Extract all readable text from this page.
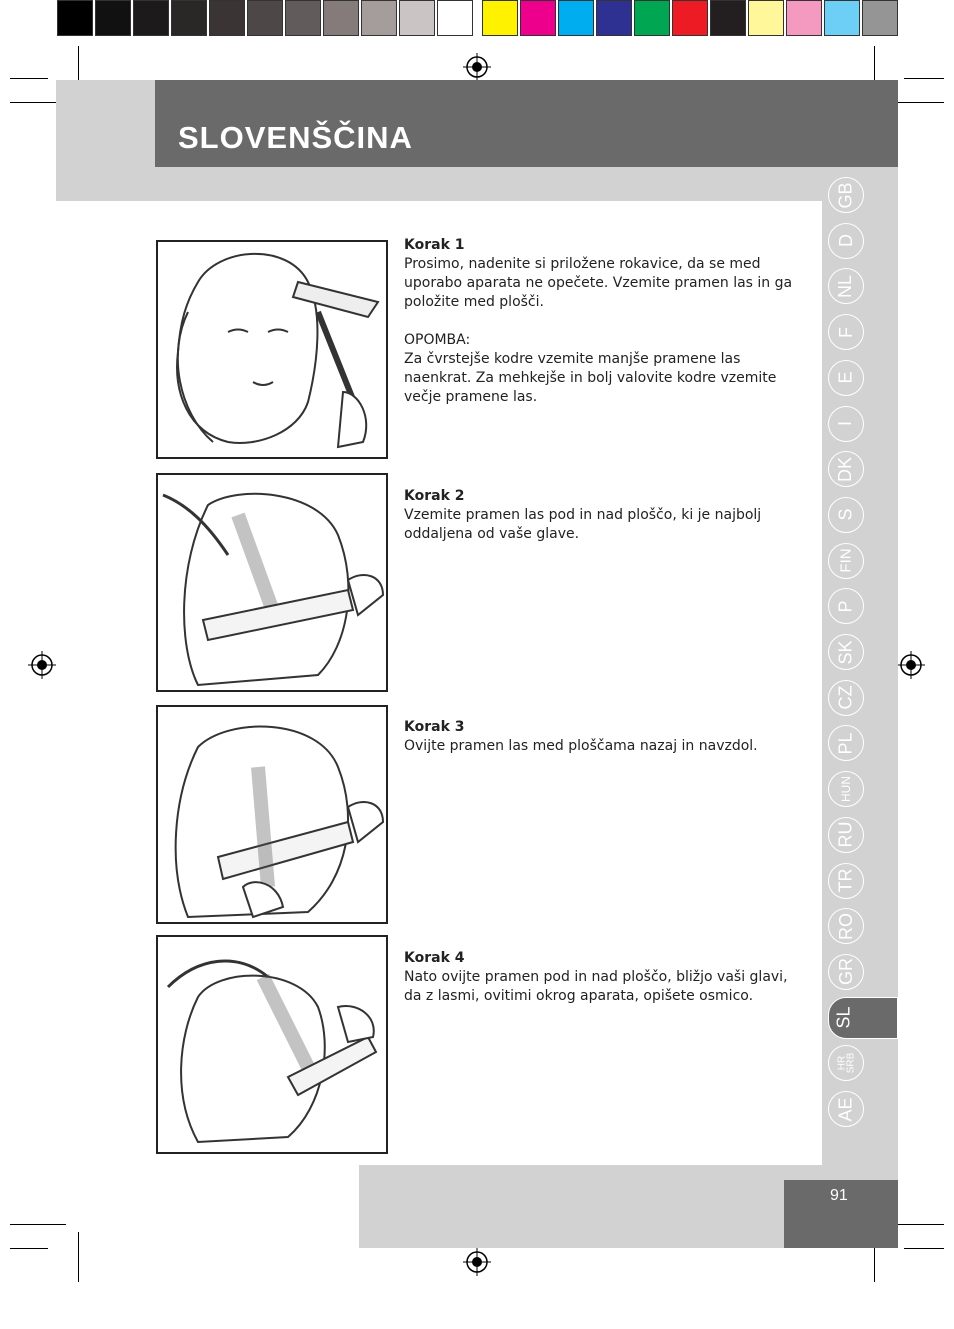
SLOVENŠČINA
GB
D
NL
F
E
I
DK
S
FIN
P
SK
CZ
PL
HUN
RU
TR
RO
GR
SL
HR
SRB
AE
Korak 1

Prosimo, nadenite si priložene rokavice, da se med uporabo aparata ne opečete. Vzemite pramen las in ga položite med plošči.

OPOMBA:

Za čvrstejše kodre vzemite manjše pramene las naenkrat. Za mehkejše in bolj valovite kodre vzemite večje pramene las.

Korak 2

Vzemite pramen las pod in nad ploščo, ki je najbolj oddaljena od vaše glave.

Korak 3

Ovijte pramen las med ploščama nazaj in navzdol.

Korak 4

Nato ovijte pramen pod in nad ploščo, bližjo vaši glavi, da z lasmi, ovitimi okrog aparata, opišete osmico.

91
